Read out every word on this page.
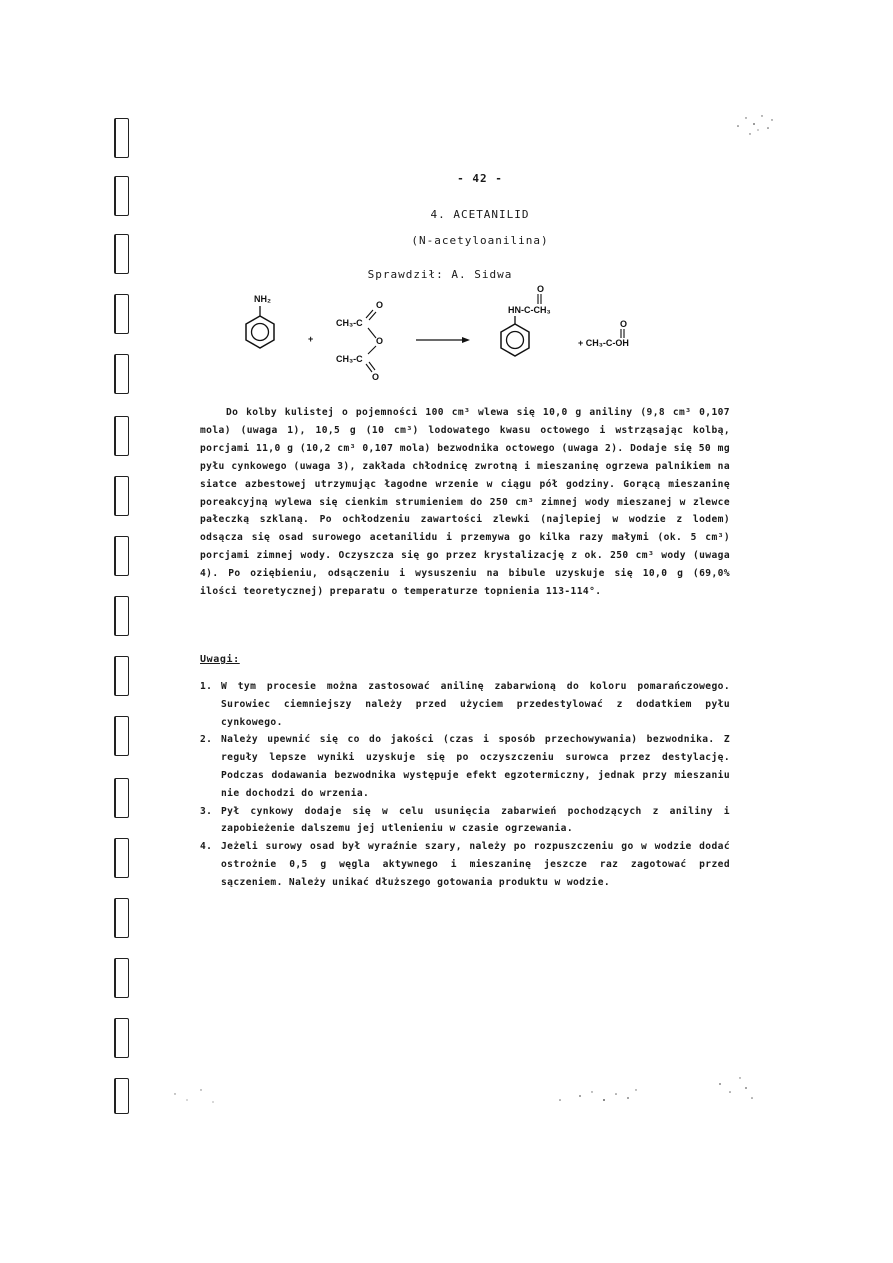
- 42 -
4. ACETANILID
(N-acetyloanilina)
Sprawdził: A. Sidwa
NH₂
+
O
CH₃-C
O
CH₃-C
O
O
HN-C-CH₃
O
+ CH₃-C-OH

Do kolby kulistej o pojemności 100 cm³ wlewa się 10,0 g aniliny (9,8 cm³ 0,107 mola) (uwaga 1), 10,5 g (10 cm³) lodowatego kwasu octowego i wstrząsając kolbą, porcjami 11,0 g (10,2 cm³ 0,107 mola) bezwodnika octowego (uwaga 2). Dodaje się 50 mg pyłu cynkowego (uwaga 3), zakłada chłodnicę zwrotną i mieszaninę ogrzewa palnikiem na siatce azbestowej utrzymując łagodne wrzenie w ciągu pół godziny. Gorącą mieszaninę poreakcyjną wylewa się cienkim strumieniem do 250 cm³ zimnej wody mieszanej w zlewce pałeczką szklaną. Po ochłodzeniu zawartości zlewki (najlepiej w wodzie z lodem) odsącza się osad surowego acetanilidu i przemywa go kilka razy małymi (ok. 5 cm³) porcjami zimnej wody. Oczyszcza się go przez krystalizację z ok. 250 cm³ wody (uwaga 4). Po oziębieniu, odsączeniu i wysuszeniu na bibule uzyskuje się 10,0 g (69,0% ilości teoretycznej) preparatu o temperaturze topnienia 113-114°.

Uwagi:
1. W tym procesie można zastosować anilinę zabarwioną do koloru pomarańczowego. Surowiec ciemniejszy należy przed użyciem przedestylować z dodatkiem pyłu cynkowego.
2. Należy upewnić się co do jakości (czas i sposób przechowywania) bezwodnika. Z reguły lepsze wyniki uzyskuje się po oczyszczeniu surowca przez destylację. Podczas dodawania bezwodnika występuje efekt egzotermiczny, jednak przy mieszaniu nie dochodzi do wrzenia.
3. Pył cynkowy dodaje się w celu usunięcia zabarwień pochodzących z aniliny i zapobieżenie dalszemu jej utlenieniu w czasie ogrzewania.
4. Jeżeli surowy osad był wyraźnie szary, należy po rozpuszczeniu go w wodzie dodać ostrożnie 0,5 g węgla aktywnego i mieszaninę jeszcze raz zagotować przed sączeniem. Należy unikać dłuższego gotowania produktu w wodzie.
